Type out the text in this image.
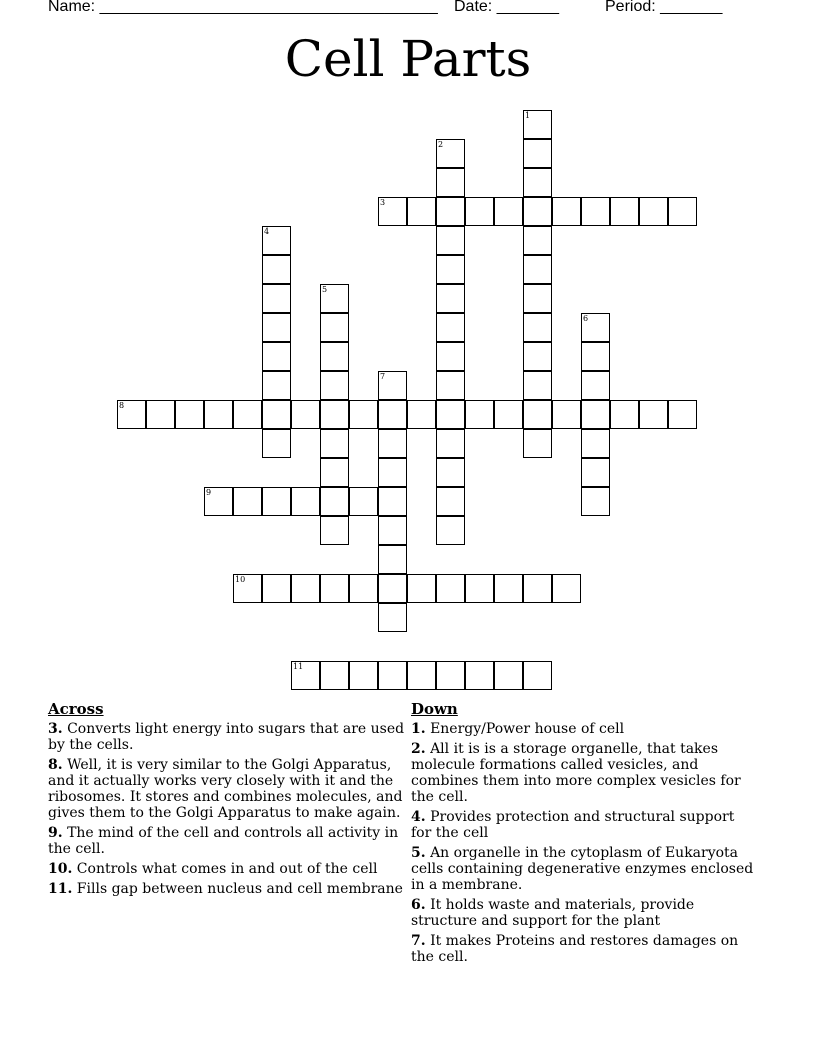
Name: ______________________________________ Date: _______	Period: _______
Cell Parts
1
2
3
4
5
6
7
8
9
10
11
Across
3. Converts light energy into sugars that are used by the cells.
8. Well, it is very similar to the Golgi Apparatus, and it actually works very closely with it and the ribosomes. It stores and combines molecules, and gives them to the Golgi Apparatus to make again.
9. The mind of the cell and controls all activity in the cell.
10. Controls what comes in and out of the cell
11. Fills gap between nucleus and cell membrane
Down
1. Energy/Power house of cell
2. All it is is a storage organelle, that takes molecule formations called vesicles, and combines them into more complex vesicles for the cell.
4. Provides protection and structural support for the cell
5. An organelle in the cytoplasm of Eukaryota cells containing degenerative enzymes enclosed in a membrane.
6. It holds waste and materials, provide structure and support for the plant
7. It makes Proteins and restores damages on the cell.
